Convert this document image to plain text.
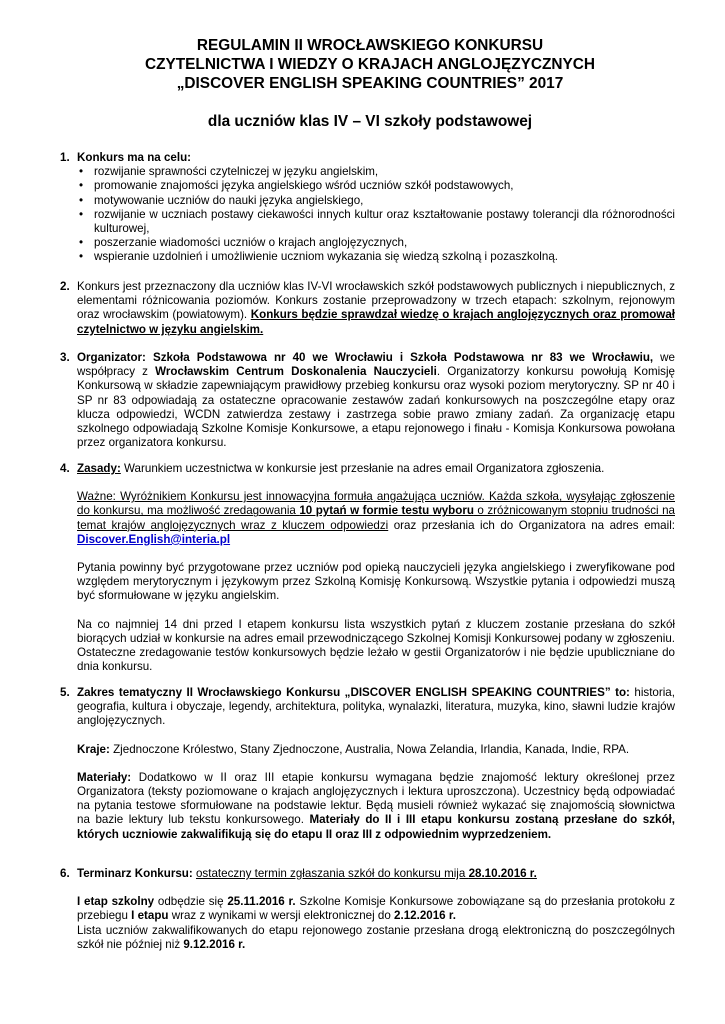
REGULAMIN II WROCŁAWSKIEGO KONKURSU
CZYTELNICTWA I WIEDZY O KRAJACH ANGLOJĘZYCZNYCH
„DISCOVER ENGLISH SPEAKING COUNTRIES” 2017
dla uczniów klas IV – VI szkoły podstawowej
1. Konkurs ma na celu:
• rozwijanie sprawności czytelniczej w języku angielskim,
• promowanie znajomości języka angielskiego wśród uczniów szkół podstawowych,
• motywowanie uczniów do nauki języka angielskiego,
• rozwijanie w uczniach postawy ciekawości innych kultur oraz kształtowanie postawy tolerancji dla różnorodności kulturowej,
• poszerzanie wiadomości uczniów o krajach anglojęzycznych,
• wspieranie uzdolnień i umożliwienie uczniom wykazania się wiedzą szkolną i pozaszkolną.
2. Konkurs jest przeznaczony dla uczniów klas IV-VI wrocławskich szkół podstawowych publicznych i niepublicznych, z elementami różnicowania poziomów. Konkurs zostanie przeprowadzony w trzech etapach: szkolnym, rejonowym oraz wrocławskim (powiatowym). Konkurs będzie sprawdzał wiedzę o krajach anglojęzycznych oraz promował czytelnictwo w języku angielskim.
3. Organizator: Szkoła Podstawowa nr 40 we Wrocławiu i Szkoła Podstawowa nr 83 we Wrocławiu, we współpracy z Wrocławskim Centrum Doskonalenia Nauczycieli. Organizatorzy konkursu powołują Komisję Konkursową w składzie zapewniającym prawidłowy przebieg konkursu oraz wysoki poziom merytoryczny. SP nr 40 i SP nr 83 odpowiadają za ostateczne opracowanie zestawów zadań konkursowych na poszczególne etapy oraz klucza odpowiedzi, WCDN zatwierdza zestawy i zastrzega sobie prawo zmiany zadań. Za organizację etapu szkolnego odpowiadają Szkolne Komisje Konkursowe, a etapu rejonowego i finału - Komisja Konkursowa powołana przez organizatora konkursu.
4. Zasady: Warunkiem uczestnictwa w konkursie jest przesłanie na adres email Organizatora zgłoszenia.

Ważne: Wyróżnikiem Konkursu jest innowacyjna formuła angażująca uczniów. Każda szkoła, wysyłając zgłoszenie do konkursu, ma możliwość zredagowania 10 pytań w formie testu wyboru o zróżnicowanym stopniu trudności na temat krajów anglojęzycznych wraz z kluczem odpowiedzi oraz przesłania ich do Organizatora na adres email: Discover.English@interia.pl

Pytania powinny być przygotowane przez uczniów pod opieką nauczycieli języka angielskiego i zweryfikowane pod względem merytorycznym i językowym przez Szkolną Komisję Konkursową. Wszystkie pytania i odpowiedzi muszą być sformułowane w języku angielskim.

Na co najmniej 14 dni przed I etapem konkursu lista wszystkich pytań z kluczem zostanie przesłana do szkół biorących udział w konkursie na adres email przewodniczącego Szkolnej Komisji Konkursowej podany w zgłoszeniu. Ostateczne zredagowanie testów konkursowych będzie leżało w gestii Organizatorów i nie będzie upubliczniane do dnia konkursu.

5. Zakres tematyczny II Wrocławskiego Konkursu „DISCOVER ENGLISH SPEAKING COUNTRIES” to: historia, geografia, kultura i obyczaje, legendy, architektura, polityka, wynalazki, literatura, muzyka, kino, sławni ludzie krajów anglojęzycznych.

Kraje: Zjednoczone Królestwo, Stany Zjednoczone, Australia, Nowa Zelandia, Irlandia, Kanada, Indie, RPA.

Materiały: Dodatkowo w II oraz III etapie konkursu wymagana będzie znajomość lektury określonej przez Organizatora (teksty poziomowane o krajach anglojęzycznych i lektura uproszczona). Uczestnicy będą odpowiadać na pytania testowe sformułowane na podstawie lektur. Będą musieli również wykazać się znajomością słownictwa na bazie lektury lub tekstu konkursowego. Materiały do II i III etapu konkursu zostaną przesłane do szkół, których uczniowie zakwalifikują się do etapu II oraz III z odpowiednim wyprzedzeniem.

6. Terminarz Konkursu: ostateczny termin zgłaszania szkół do konkursu mija 28.10.2016 r.

I etap szkolny odbędzie się 25.11.2016 r. Szkolne Komisje Konkursowe zobowiązane są do przesłania protokołu z przebiegu I etapu wraz z wynikami w wersji elektronicznej do 2.12.2016 r.

Lista uczniów zakwalifikowanych do etapu rejonowego zostanie przesłana drogą elektroniczną do poszczególnych szkół nie później niż 9.12.2016 r.
